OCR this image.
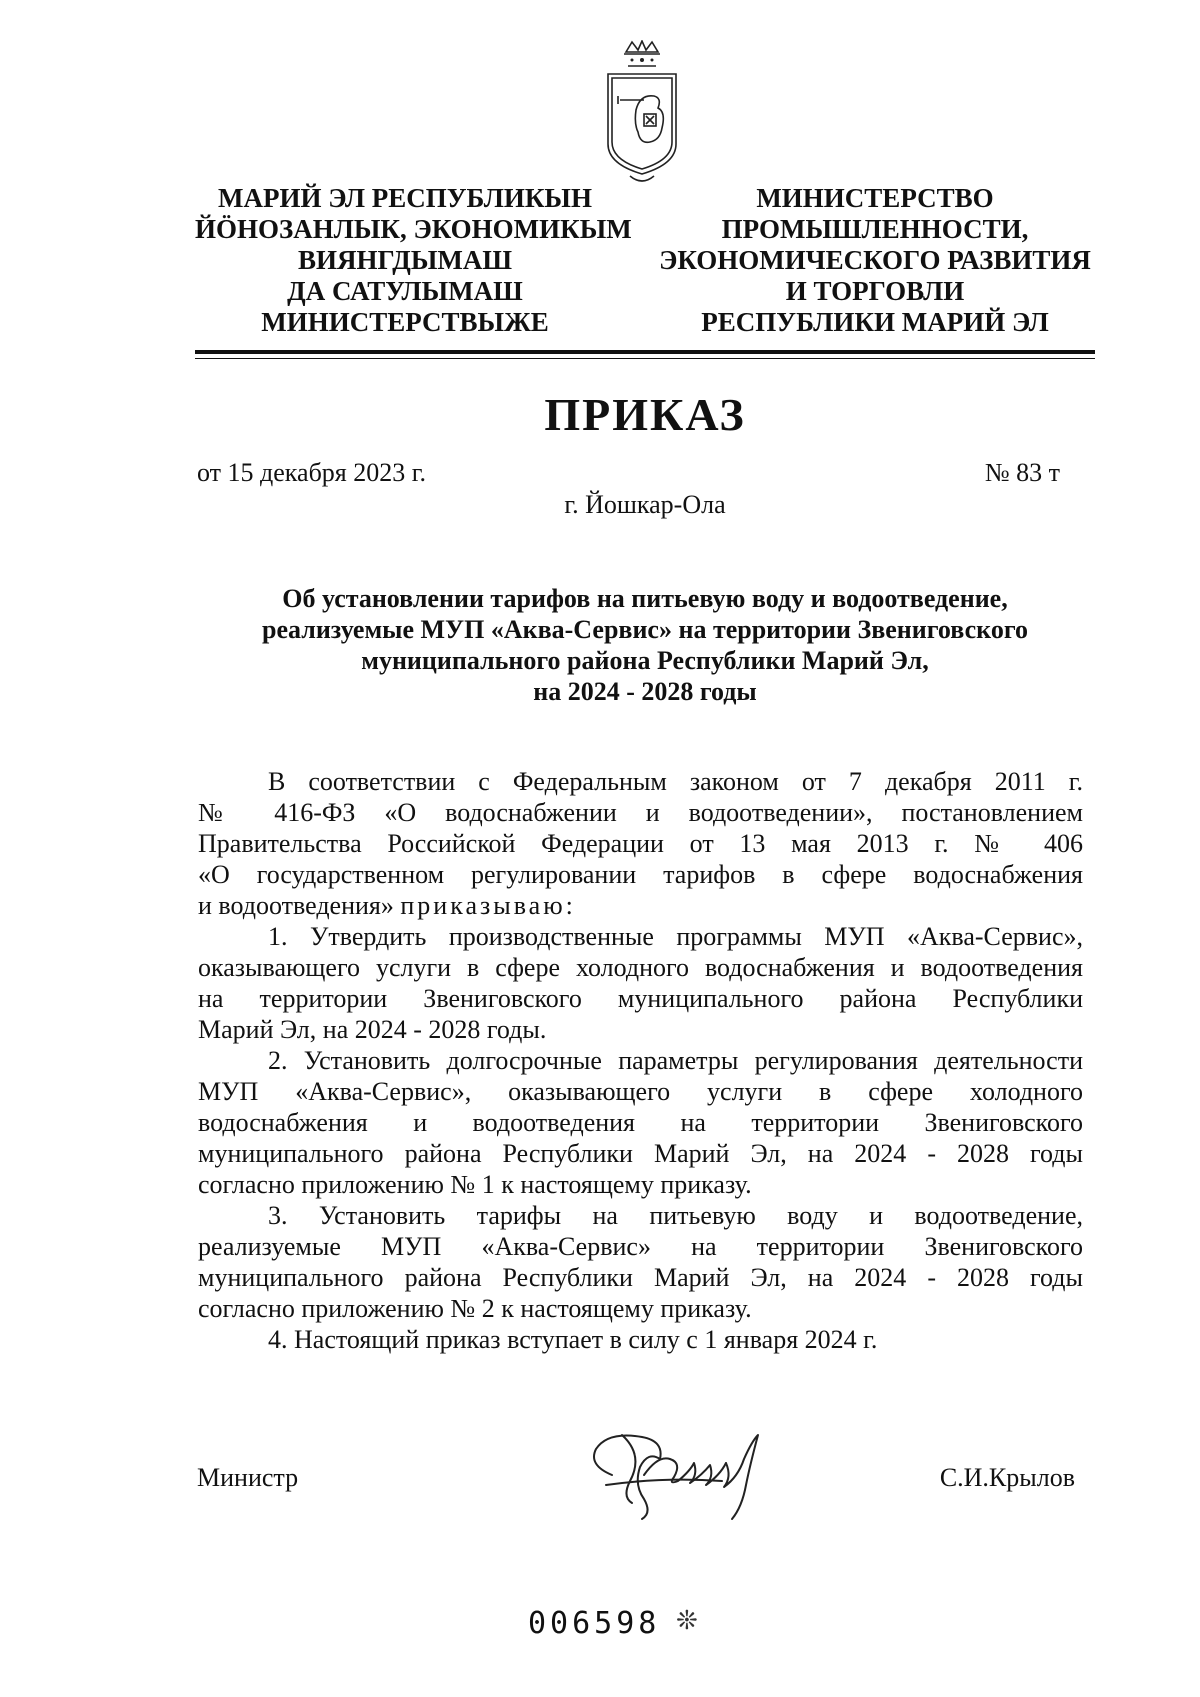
МАРИЙ ЭЛ РЕСПУБЛИКЫН
ЙÖНОЗАНЛЫК, ЭКОНОМИКЫМ
ВИЯНГДЫМАШ
ДА САТУЛЫМАШ
МИНИСТЕРСТВЫЖЕ
МИНИСТЕРСТВО
ПРОМЫШЛЕННОСТИ,
ЭКОНОМИЧЕСКОГО РАЗВИТИЯ
И ТОРГОВЛИ
РЕСПУБЛИКИ МАРИЙ ЭЛ
ПРИКАЗ
от 15 декабря 2023 г.	№ 83 т
г. Йошкар-Ола
Об установлении тарифов на питьевую воду и водоотведение,
реализуемые МУП «Аква-Сервис» на территории Звениговского
муниципального района Республики Марий Эл,
на 2024 - 2028 годы
В соответствии с Федеральным законом от 7 декабря 2011 г.
№ 416-ФЗ «О водоснабжении и водоотведении», постановлением
Правительства Российской Федерации от 13 мая 2013 г. № 406
«О государственном регулировании тарифов в сфере водоснабжения
и водоотведения» приказываю:
1. Утвердить производственные программы МУП «Аква-Сервис»,
оказывающего услуги в сфере холодного водоснабжения и водоотведения
на территории Звениговского муниципального района Республики
Марий Эл, на 2024 - 2028 годы.
2. Установить долгосрочные параметры регулирования деятельности
МУП «Аква-Сервис», оказывающего услуги в сфере холодного
водоснабжения и водоотведения на территории Звениговского
муниципального района Республики Марий Эл, на 2024 - 2028 годы
согласно приложению № 1 к настоящему приказу.
3. Установить тарифы на питьевую воду и водоотведение,
реализуемые МУП «Аква-Сервис» на территории Звениговского
муниципального района Республики Марий Эл, на 2024 - 2028 годы
согласно приложению № 2 к настоящему приказу.
4. Настоящий приказ вступает в силу с 1 января 2024 г.
Министр	С.И.Крылов
006598 ❊
